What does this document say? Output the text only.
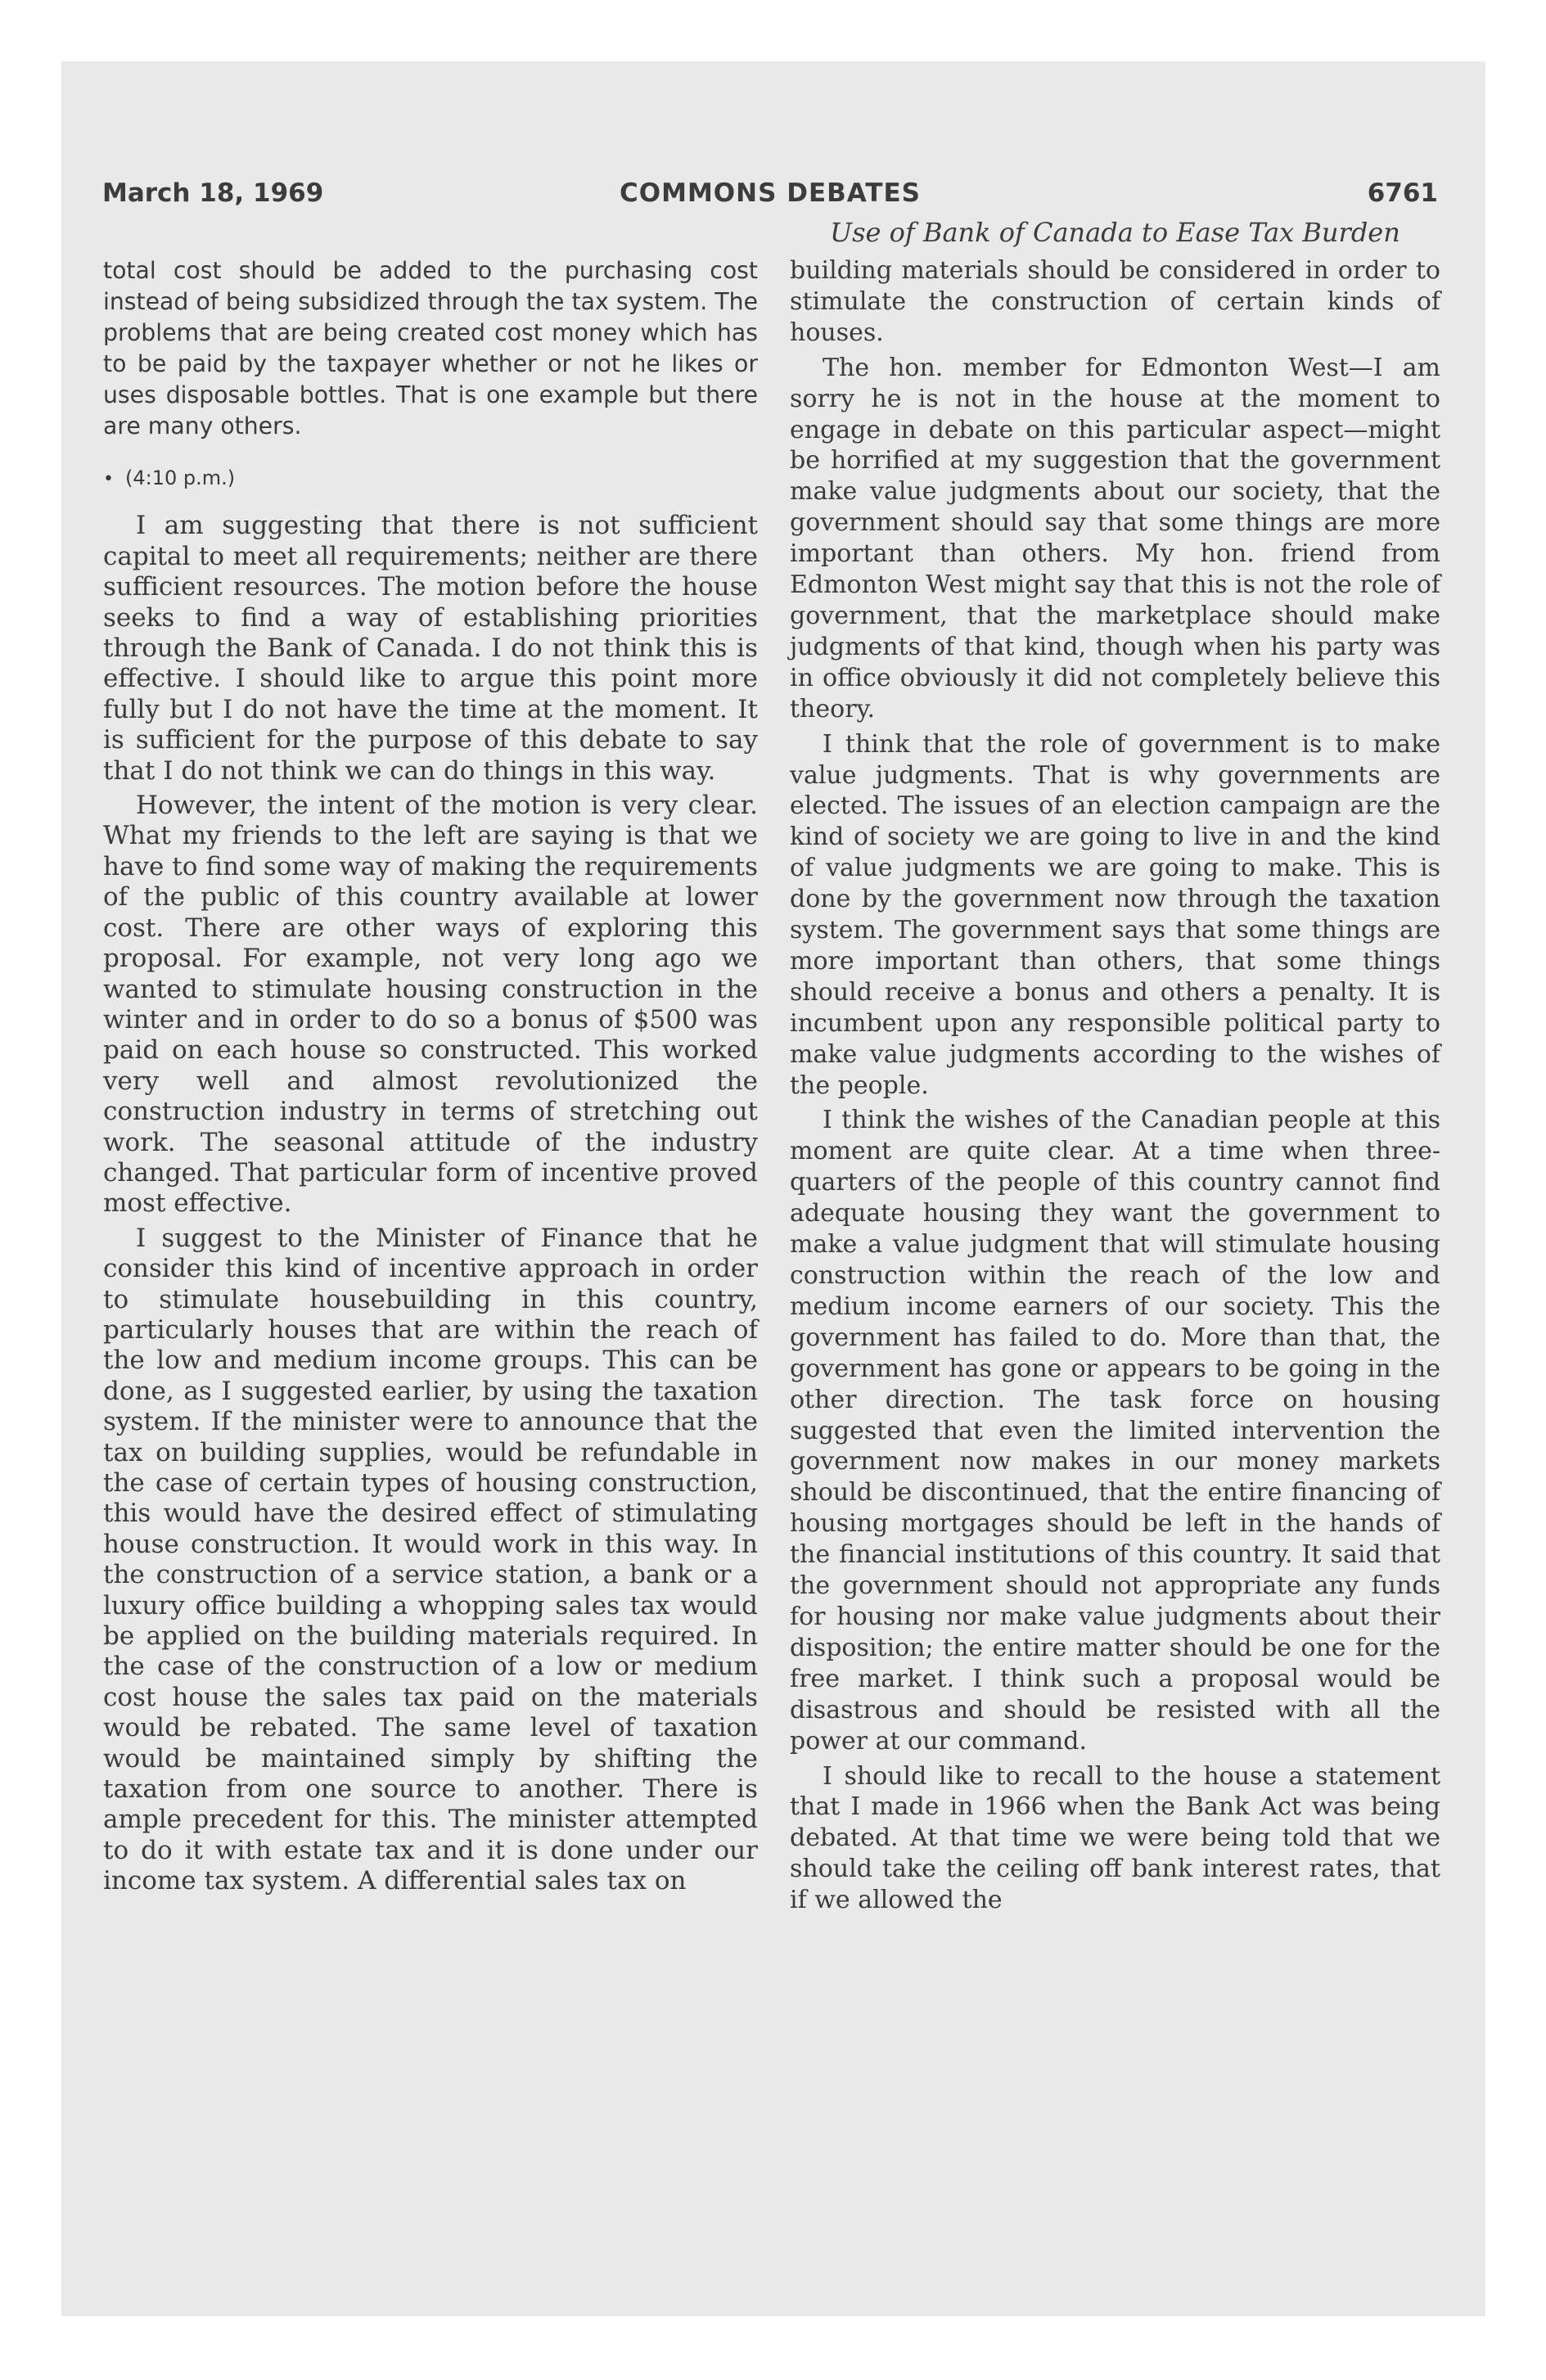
March 18, 1969	COMMONS DEBATES	6761
Use of Bank of Canada to Ease Tax Burden

total cost should be added to the purchasing cost instead of being subsidized through the tax system. The problems that are being created cost money which has to be paid by the taxpayer whether or not he likes or uses disposable bottles. That is one example but there are many others.

• (4:10 p.m.)

I am suggesting that there is not sufficient capital to meet all requirements; neither are there sufficient resources. The motion before the house seeks to find a way of establishing priorities through the Bank of Canada. I do not think this is effective. I should like to argue this point more fully but I do not have the time at the moment. It is sufficient for the purpose of this debate to say that I do not think we can do things in this way.

However, the intent of the motion is very clear. What my friends to the left are saying is that we have to find some way of making the requirements of the public of this country available at lower cost. There are other ways of exploring this proposal. For example, not very long ago we wanted to stimulate housing construction in the winter and in order to do so a bonus of $500 was paid on each house so constructed. This worked very well and almost revolutionized the construction industry in terms of stretching out work. The seasonal attitude of the industry changed. That particular form of incentive proved most effective.

I suggest to the Minister of Finance that he consider this kind of incentive approach in order to stimulate housebuilding in this country, particularly houses that are within the reach of the low and medium income groups. This can be done, as I suggested earlier, by using the taxation system. If the minister were to announce that the tax on building supplies, would be refundable in the case of certain types of housing construction, this would have the desired effect of stimulating house construction. It would work in this way. In the construction of a service station, a bank or a luxury office building a whopping sales tax would be applied on the building materials required. In the case of the construction of a low or medium cost house the sales tax paid on the materials would be rebated. The same level of taxation would be maintained simply by shifting the taxation from one source to another. There is ample precedent for this. The minister attempted to do it with estate tax and it is done under our income tax system. A differential sales tax on

building materials should be considered in order to stimulate the construction of certain kinds of houses.

The hon. member for Edmonton West—I am sorry he is not in the house at the moment to engage in debate on this particular aspect—might be horrified at my suggestion that the government make value judgments about our society, that the government should say that some things are more important than others. My hon. friend from Edmonton West might say that this is not the role of government, that the marketplace should make judgments of that kind, though when his party was in office obviously it did not completely believe this theory.

I think that the role of government is to make value judgments. That is why governments are elected. The issues of an election campaign are the kind of society we are going to live in and the kind of value judgments we are going to make. This is done by the government now through the taxation system. The government says that some things are more important than others, that some things should receive a bonus and others a penalty. It is incumbent upon any responsible political party to make value judgments according to the wishes of the people.

I think the wishes of the Canadian people at this moment are quite clear. At a time when three-quarters of the people of this country cannot find adequate housing they want the government to make a value judgment that will stimulate housing construction within the reach of the low and medium income earners of our society. This the government has failed to do. More than that, the government has gone or appears to be going in the other direction. The task force on housing suggested that even the limited intervention the government now makes in our money markets should be discontinued, that the entire financing of housing mortgages should be left in the hands of the financial institutions of this country. It said that the government should not appropriate any funds for housing nor make value judgments about their disposition; the entire matter should be one for the free market. I think such a proposal would be disastrous and should be resisted with all the power at our command.

I should like to recall to the house a statement that I made in 1966 when the Bank Act was being debated. At that time we were being told that we should take the ceiling off bank interest rates, that if we allowed the
